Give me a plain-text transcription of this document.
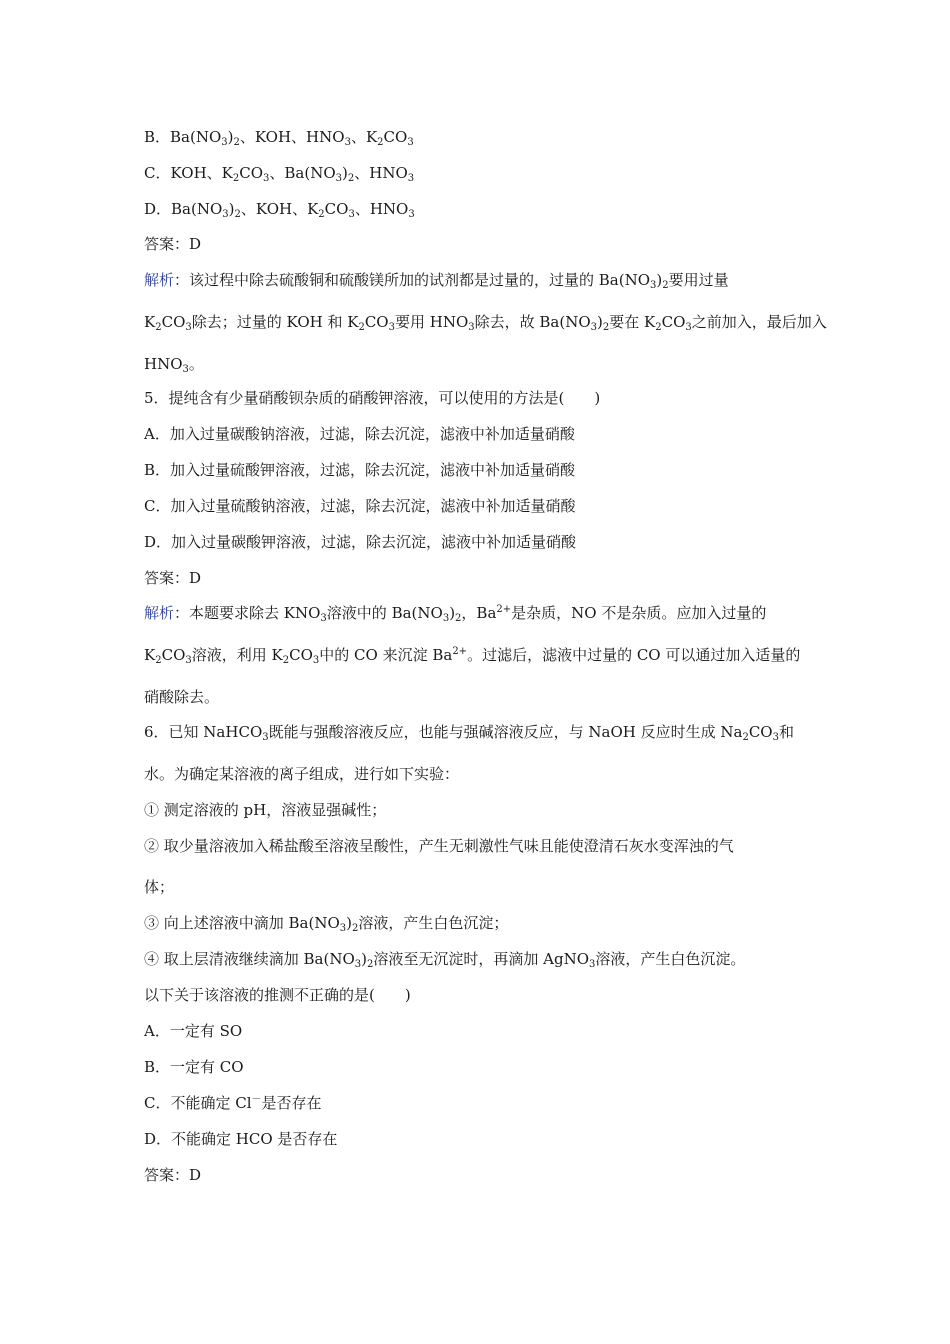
B．$Ba(NO_3)_2$、KOH、$HNO_3$、$K_2CO_3$
C．KOH、$K_2CO_3$、$Ba(NO_3)_2$、$HNO_3$
D．$Ba(NO_3)_2$、KOH、$K_2CO_3$、$HNO_3$
答案：D
解析：该过程中除去硫酸铜和硫酸镁所加的试剂都是过量的，过量的 $Ba(NO_3)_2$要用过量
$K_2CO_3$除去；过量的 KOH 和 $K_2CO_3$要用 $HNO_3$除去，故 $Ba(NO_3)_2$要在 $K_2CO_3$之前加入，最后加入
$HNO_3$。
5．提纯含有少量硝酸钡杂质的硝酸钾溶液，可以使用的方法是(　　)
A．加入过量碳酸钠溶液，过滤，除去沉淀，滤液中补加适量硝酸
B．加入过量硫酸钾溶液，过滤，除去沉淀，滤液中补加适量硝酸
C．加入过量硫酸钠溶液，过滤，除去沉淀，滤液中补加适量硝酸
D．加入过量碳酸钾溶液，过滤，除去沉淀，滤液中补加适量硝酸
答案：D
解析：本题要求除去 $KNO_3$溶液中的 $Ba(NO_3)_2$，$Ba^{2+}$是杂质，NO 不是杂质。应加入过量的
$K_2CO_3$溶液，利用 $K_2CO_3$中的 CO 来沉淀 $Ba^{2+}$。过滤后，滤液中过量的 CO 可以通过加入适量的
硝酸除去。
6．已知 NaHCO$_3$既能与强酸溶液反应，也能与强碱溶液反应，与 NaOH 反应时生成 $Na_2CO_3$和
水。为确定某溶液的离子组成，进行如下实验：
① 测定溶液的 pH，溶液显强碱性；
② 取少量溶液加入稀盐酸至溶液呈酸性，产生无刺激性气味且能使澄清石灰水变浑浊的气
体；
③ 向上述溶液中滴加 $Ba(NO_3)_2$溶液，产生白色沉淀；
④ 取上层清液继续滴加 $Ba(NO_3)_2$溶液至无沉淀时，再滴加 AgNO$_3$溶液，产生白色沉淀。
以下关于该溶液的推测不正确的是(　　)
A．一定有 SO
B．一定有 CO
C．不能确定 Cl－是否存在
D．不能确定 HCO 是否存在
答案：D
